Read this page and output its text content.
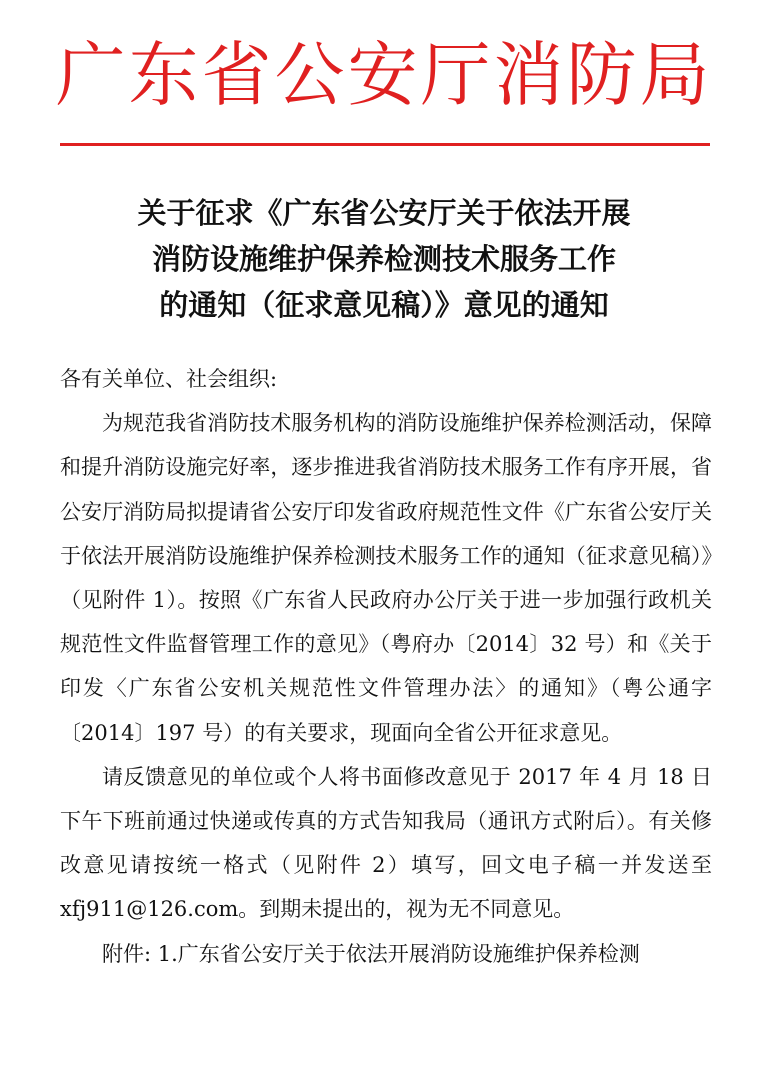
广东省公安厅消防局
关于征求《广东省公安厅关于依法开展
消防设施维护保养检测技术服务工作
的通知（征求意见稿）》意见的通知

各有关单位、社会组织:

为规范我省消防技术服务机构的消防设施维护保养检测活动，保障和提升消防设施完好率，逐步推进我省消防技术服务工作有序开展，省公安厅消防局拟提请省公安厅印发省政府规范性文件《广东省公安厅关于依法开展消防设施维护保养检测技术服务工作的通知（征求意见稿）》（见附件 1）。按照《广东省人民政府办公厅关于进一步加强行政机关规范性文件监督管理工作的意见》（粤府办〔2014〕32 号）和《关于印发〈广东省公安机关规范性文件管理办法〉的通知》（粤公通字〔2014〕197 号）的有关要求，现面向全省公开征求意见。

请反馈意见的单位或个人将书面修改意见于 2017 年 4 月 18 日下午下班前通过快递或传真的方式告知我局（通讯方式附后）。有关修改意见请按统一格式（见附件 2）填写，回文电子稿一并发送至 xfj911@126.com。到期未提出的，视为无不同意见。

附件: 1.广东省公安厅关于依法开展消防设施维护保养检测
